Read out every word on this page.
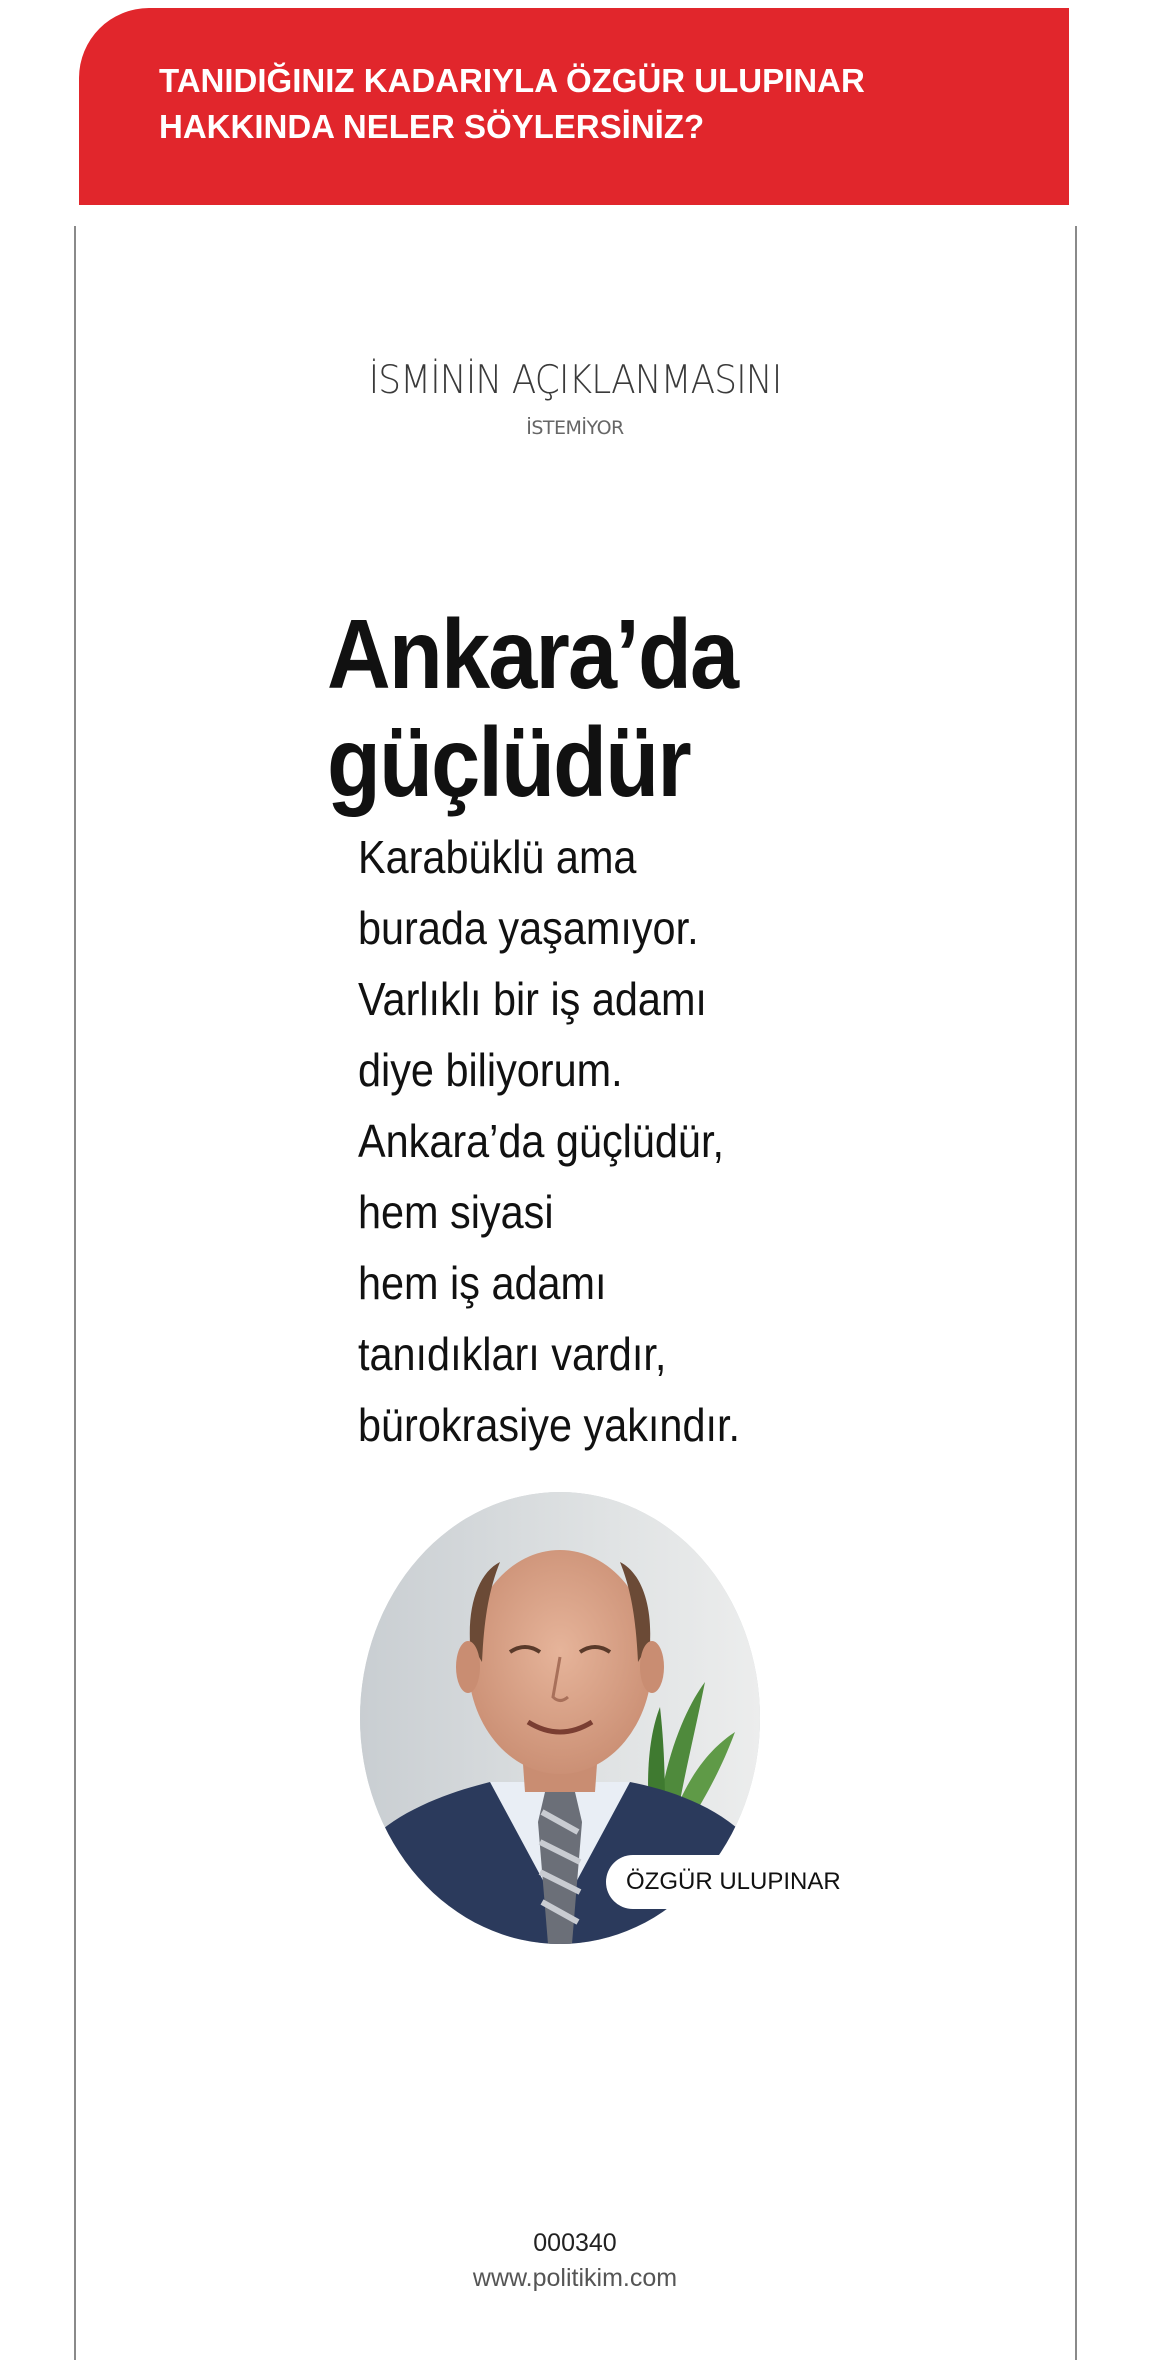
TANIDIĞINIZ KADARIYLA ÖZGÜR ULUPINAR HAKKINDA NELER SÖYLERSİNİZ?
İSMİNİN AÇIKLANMASINI
İSTEMİYOR
Ankara’da
güçlüdür
Karabüklü ama
burada yaşamıyor.
Varlıklı bir iş adamı
diye biliyorum.
Ankara’da güçlüdür,
hem siyasi
hem iş adamı
tanıdıkları vardır,
bürokrasiye yakındır.
ÖZGÜR ULUPINAR
000340
www.politikim.com
